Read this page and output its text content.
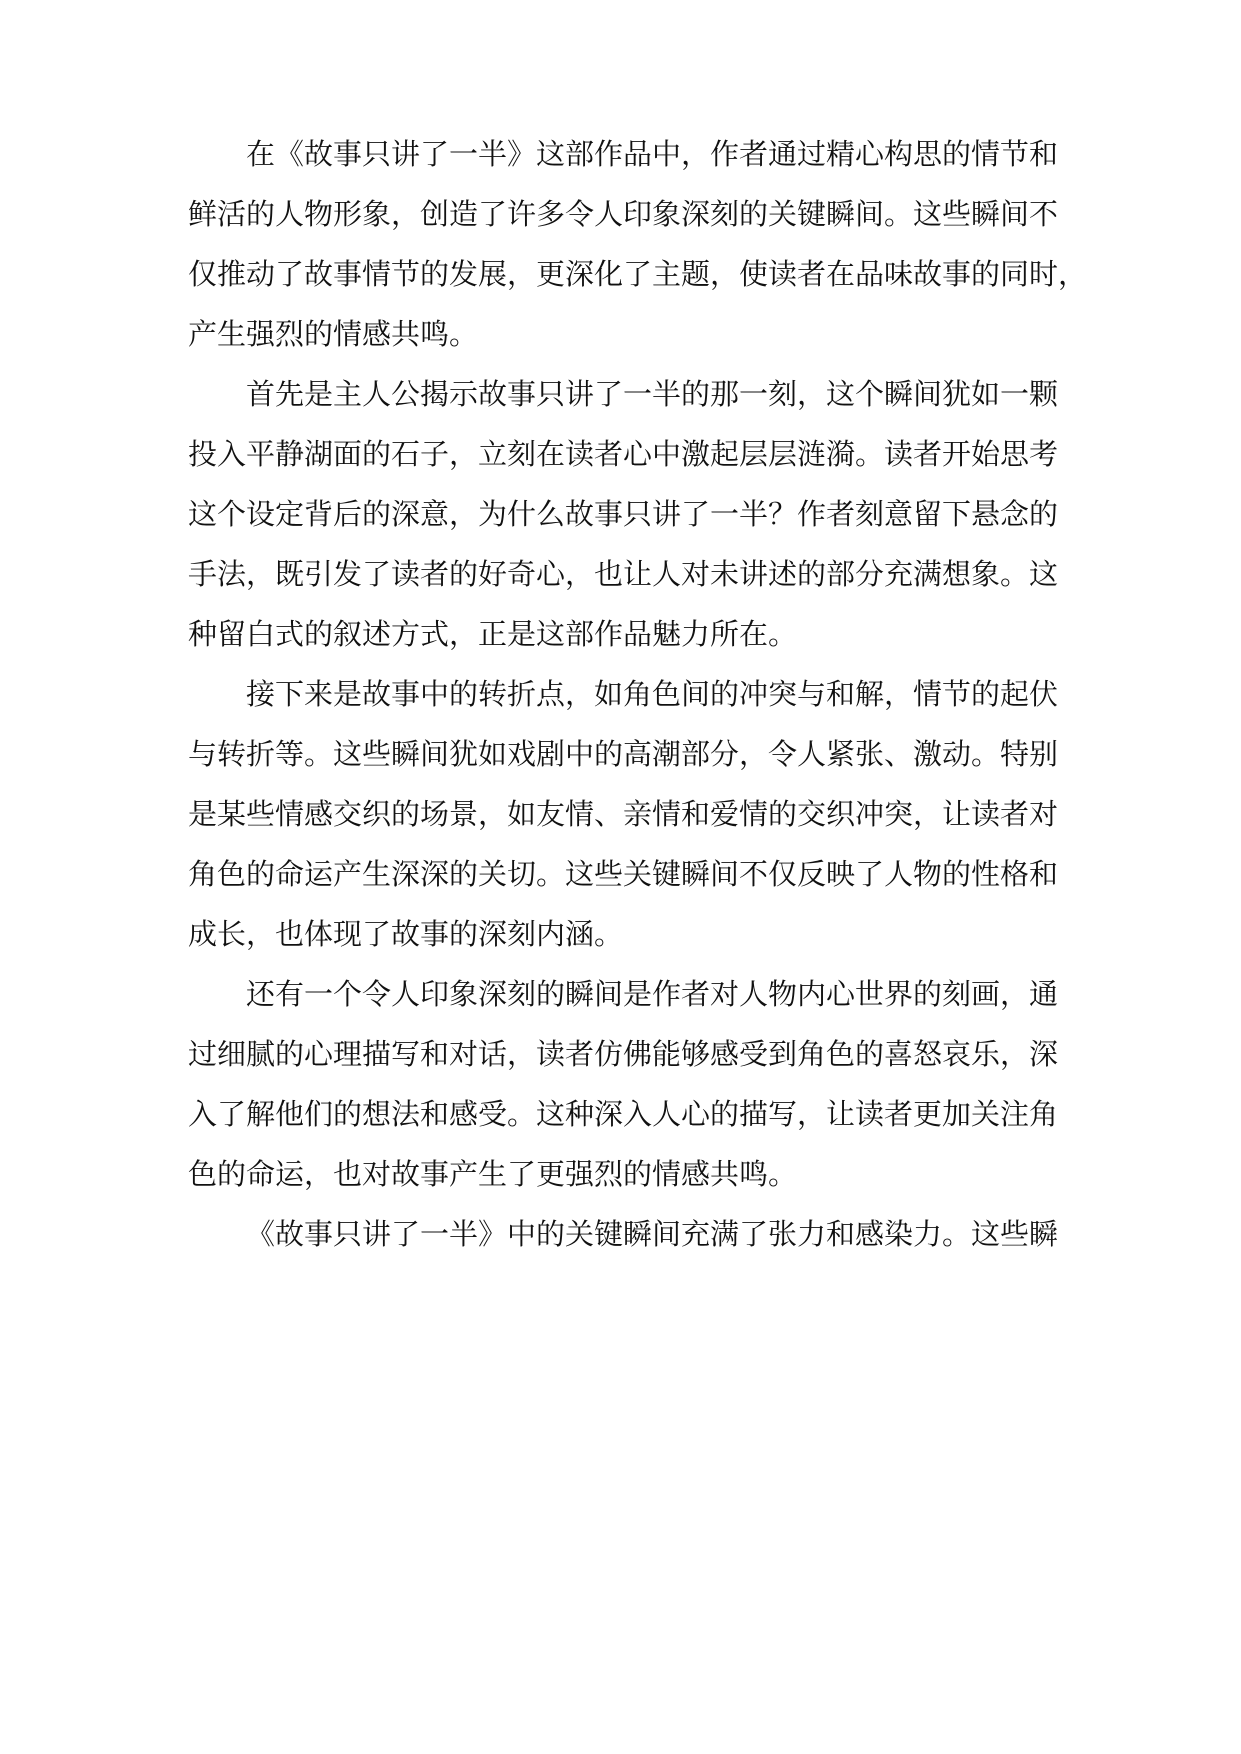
在《故事只讲了一半》这部作品中，作者通过精心构思的情节和
鲜活的人物形象，创造了许多令人印象深刻的关键瞬间。这些瞬间不
仅推动了故事情节的发展，更深化了主题，使读者在品味故事的同时，
产生强烈的情感共鸣。
首先是主人公揭示故事只讲了一半的那一刻，这个瞬间犹如一颗
投入平静湖面的石子，立刻在读者心中激起层层涟漪。读者开始思考
这个设定背后的深意，为什么故事只讲了一半？作者刻意留下悬念的
手法，既引发了读者的好奇心，也让人对未讲述的部分充满想象。这
种留白式的叙述方式，正是这部作品魅力所在。
接下来是故事中的转折点，如角色间的冲突与和解，情节的起伏
与转折等。这些瞬间犹如戏剧中的高潮部分，令人紧张、激动。特别
是某些情感交织的场景，如友情、亲情和爱情的交织冲突，让读者对
角色的命运产生深深的关切。这些关键瞬间不仅反映了人物的性格和
成长，也体现了故事的深刻内涵。
还有一个令人印象深刻的瞬间是作者对人物内心世界的刻画，通
过细腻的心理描写和对话，读者仿佛能够感受到角色的喜怒哀乐，深
入了解他们的想法和感受。这种深入人心的描写，让读者更加关注角
色的命运，也对故事产生了更强烈的情感共鸣。
《故事只讲了一半》中的关键瞬间充满了张力和感染力。这些瞬
